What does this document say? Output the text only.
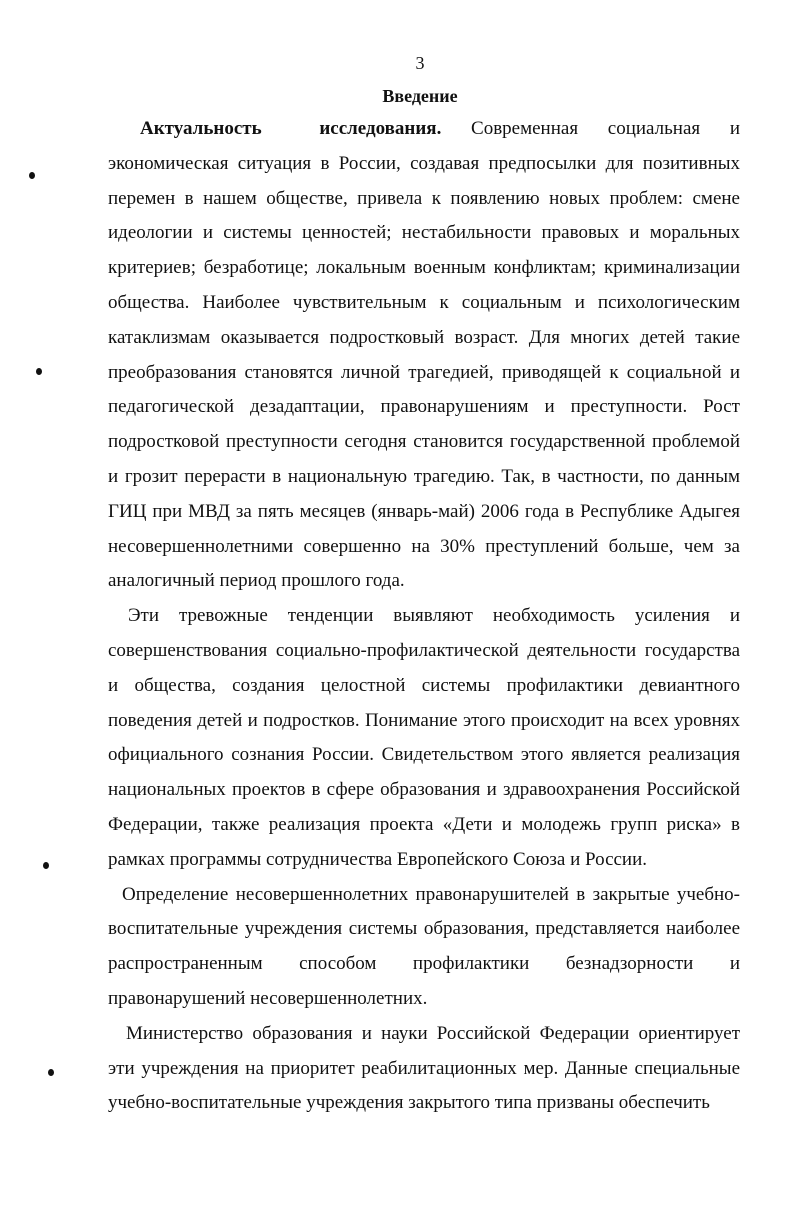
3
Введение

Актуальность исследования. Современная социальная и экономическая ситуация в России, создавая предпосылки для позитивных перемен в нашем обществе, привела к появлению новых проблем: смене идеологии и системы ценностей; нестабильности правовых и моральных критериев; безработице; локальным военным конфликтам; криминализации общества. Наиболее чувствительным к социальным и психологическим катаклизмам оказывается подростковый возраст. Для многих детей такие преобразования становятся личной трагедией, приводящей к социальной и педагогической дезадаптации, правонарушениям и преступности. Рост подростковой преступности сегодня становится государственной проблемой и грозит перерасти в национальную трагедию. Так, в частности, по данным ГИЦ при МВД за пять месяцев (январь-май) 2006 года в Республике Адыгея несовершеннолетними совершенно на 30% преступлений больше, чем за аналогичный период прошлого года.

Эти тревожные тенденции выявляют необходимость усиления и совершенствования социально-профилактической деятельности государства и общества, создания целостной системы профилактики девиантного поведения детей и подростков. Понимание этого происходит на всех уровнях официального сознания России. Свидетельством этого является реализация национальных проектов в сфере образования и здравоохранения Российской Федерации, также реализация проекта «Дети и молодежь групп риска» в рамках программы сотрудничества Европейского Союза и России.

Определение несовершеннолетних правонарушителей в закрытые учебно-воспитательные учреждения системы образования, представляется наиболее распространенным способом профилактики безнадзорности и правонарушений несовершеннолетних.

Министерство образования и науки Российской Федерации ориентирует эти учреждения на приоритет реабилитационных мер. Данные специальные учебно-воспитательные учреждения закрытого типа призваны обеспечить
